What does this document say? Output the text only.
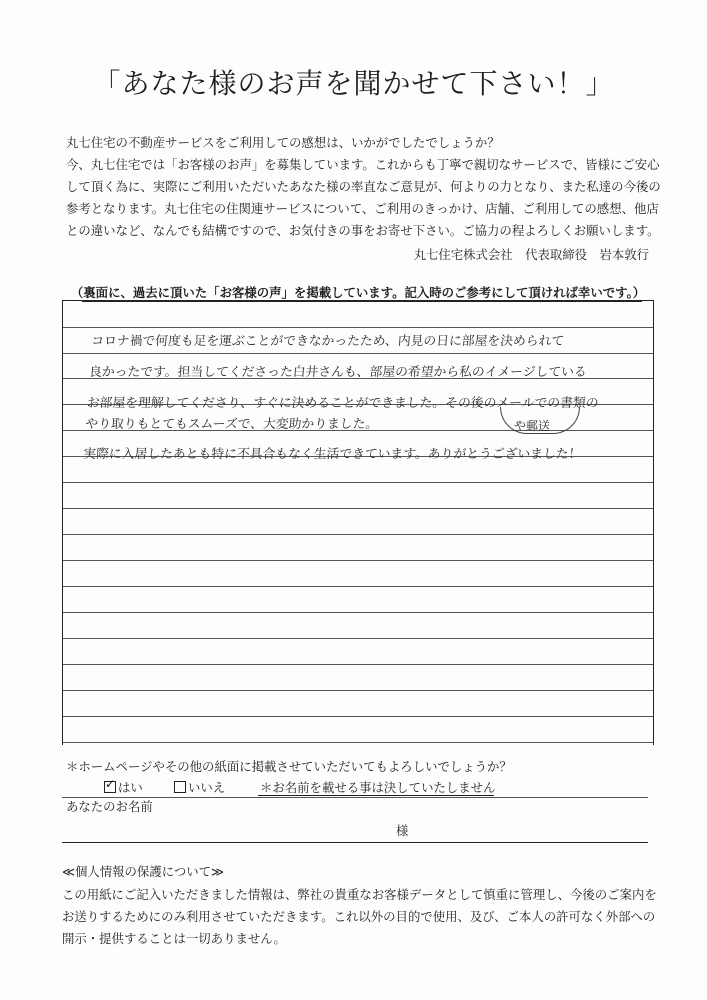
「あなた様のお声を聞かせて下さい！」
丸七住宅の不動産サービスをご利用しての感想は、いかがでしたでしょうか？
今、丸七住宅では「お客様のお声」を募集しています。これからも丁寧で親切なサービスで、皆様にご安心
して頂く為に、実際にご利用いただいたあなた様の率直なご意見が、何よりの力となり、また私達の今後の
参考となります。丸七住宅の住関連サービスについて、ご利用のきっかけ、店舗、ご利用しての感想、他店
との違いなど、なんでも結構ですので、お気付きの事をお寄せ下さい。ご協力の程よろしくお願いします。
丸七住宅株式会社　代表取締役　岩本敦行
（裏面に、過去に頂いた「お客様の声」を掲載しています。記入時のご参考にして頂ければ幸いです。）
コロナ禍で何度も足を運ぶことができなかったため、内見の日に部屋を決められて
良かったです。担当してくださった白井さんも、部屋の希望から私のイメージしている
お部屋を理解してくださり、すぐに決めることができました。その後のメールでの書類の
やり取りもとてもスムーズで、大変助かりました。
実際に入居したあとも特に不具合もなく生活できています。ありがとうございました！
や郵送
＊ホームページやその他の紙面に掲載させていただいてもよろしいでしょうか？
✓ はい	いいえ	＊お名前を載せる事は決していたしません
あなたのお名前
様
≪個人情報の保護について≫
この用紙にご記入いただきました情報は、弊社の貴重なお客様データとして慎重に管理し、今後のご案内を
お送りするためにのみ利用させていただきます。これ以外の目的で使用、及び、ご本人の許可なく外部への
開示・提供することは一切ありません。
